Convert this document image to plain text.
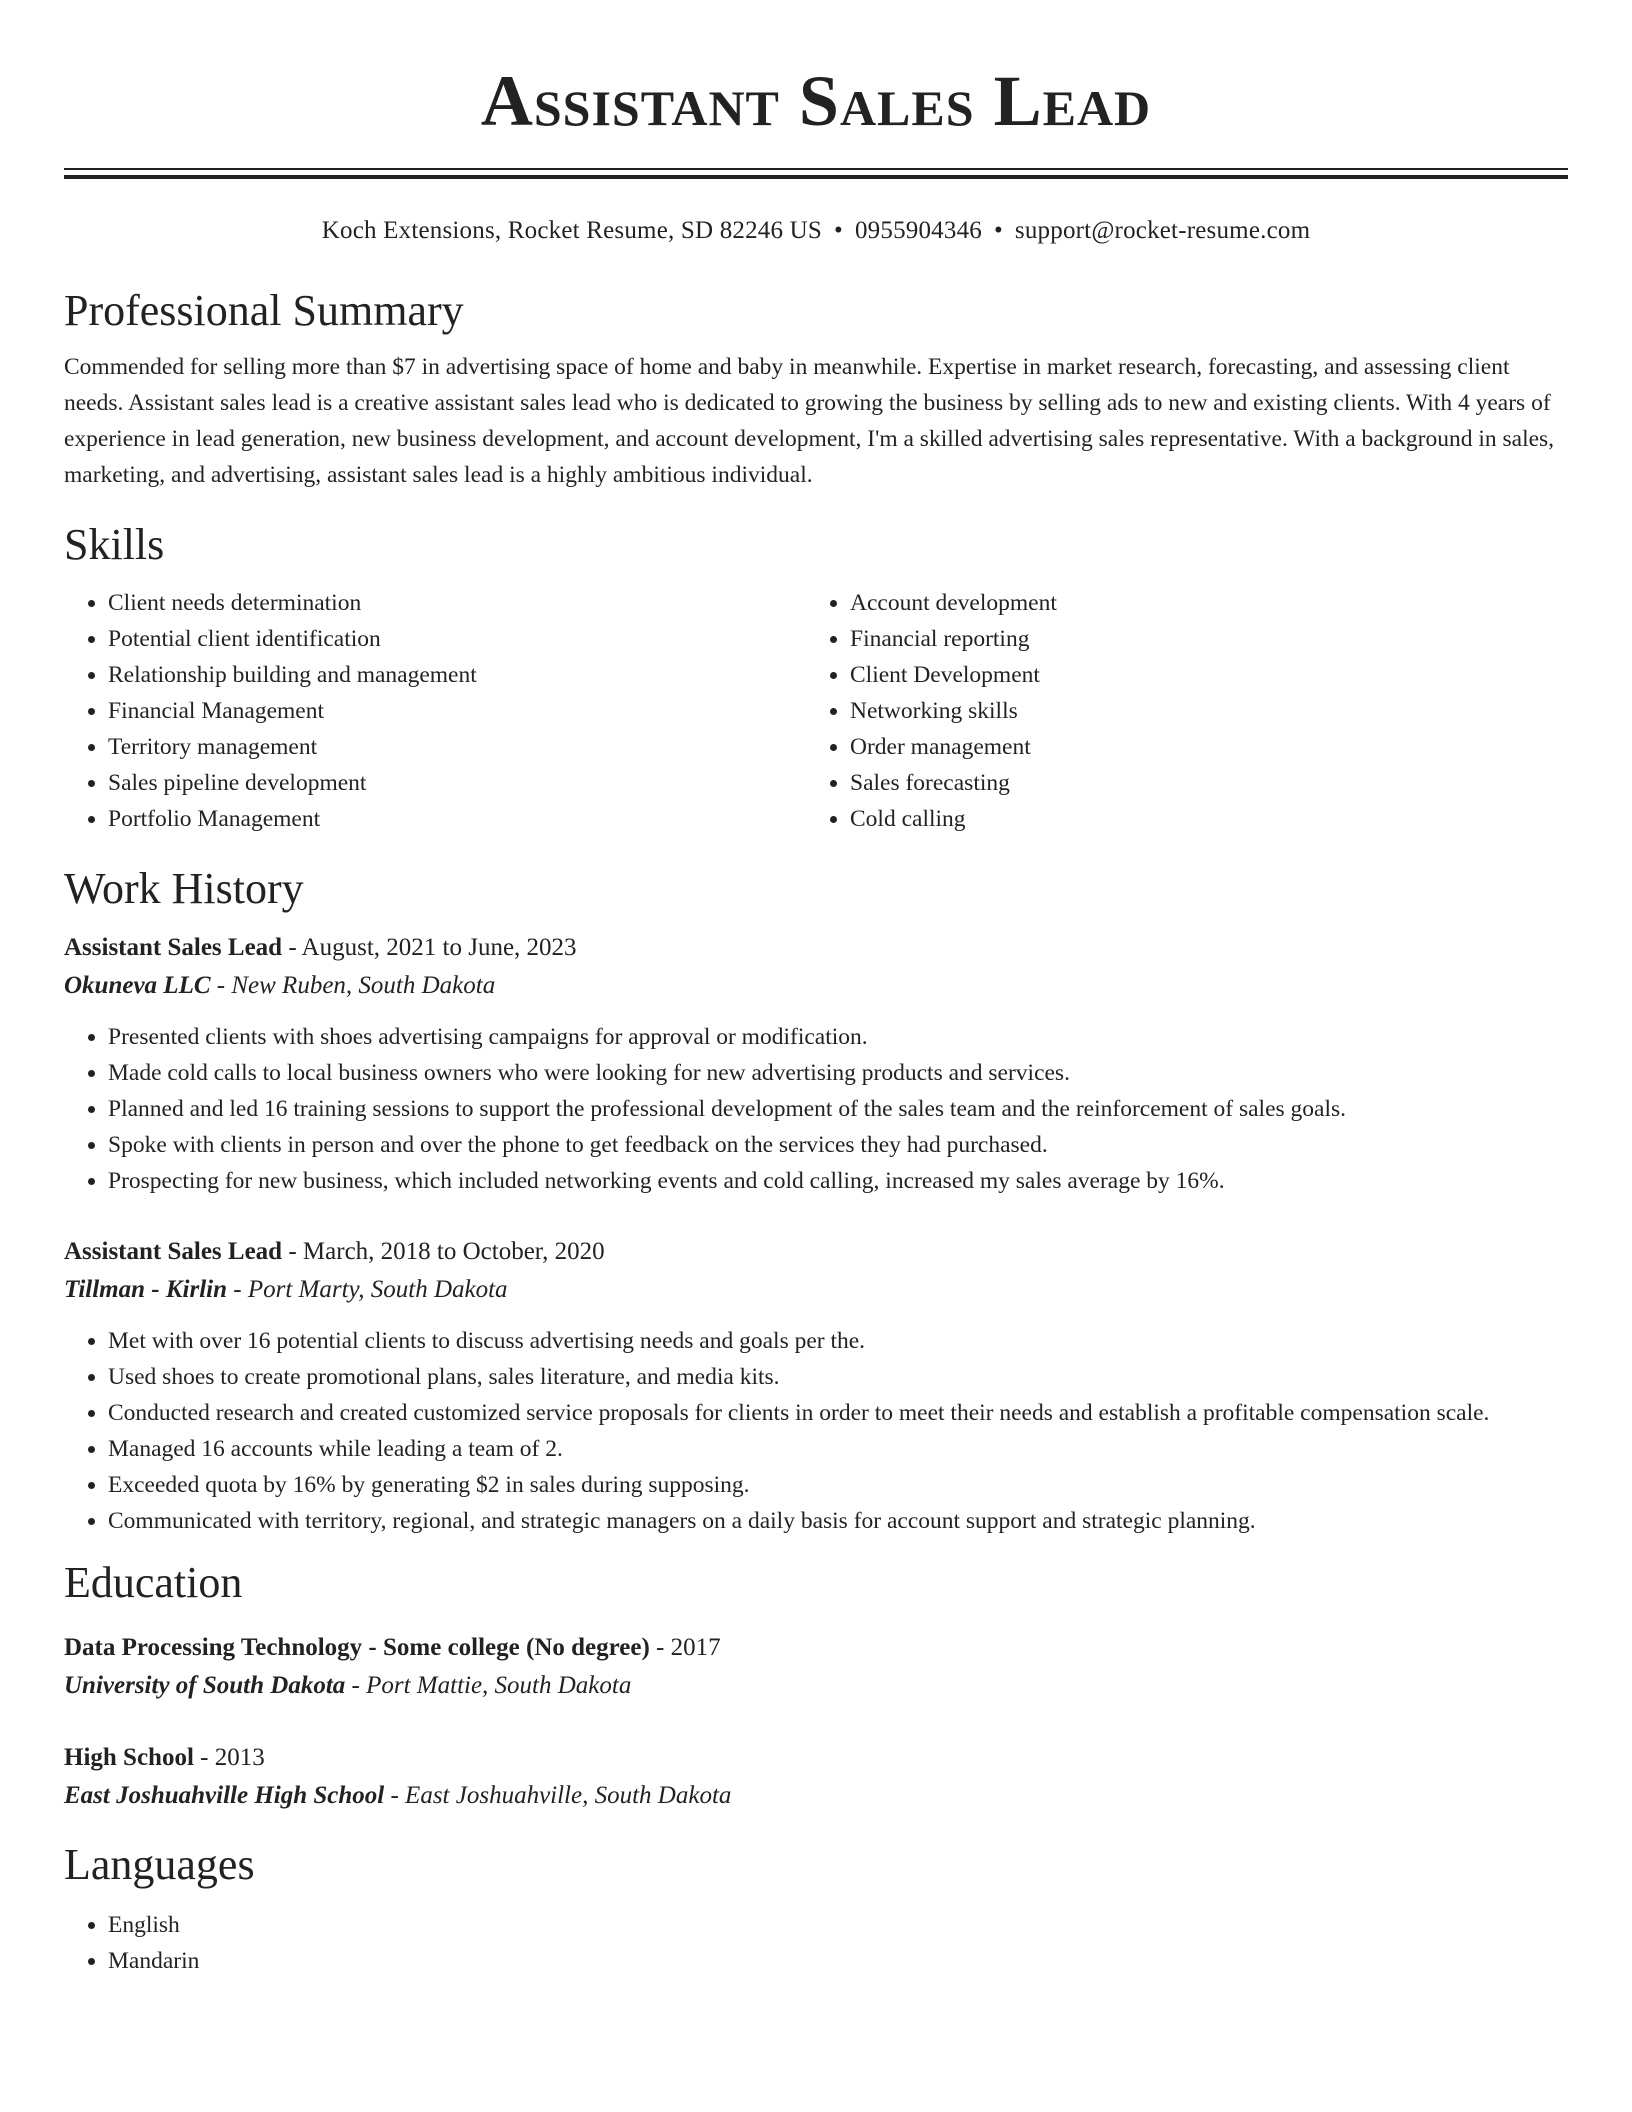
Assistant Sales Lead
Koch Extensions, Rocket Resume, SD 82246 US • 0955904346 • support@rocket-resume.com
Professional Summary

Commended for selling more than $7 in advertising space of home and baby in meanwhile. Expertise in market research, forecasting, and assessing client needs. Assistant sales lead is a creative assistant sales lead who is dedicated to growing the business by selling ads to new and existing clients. With 4 years of experience in lead generation, new business development, and account development, I'm a skilled advertising sales representative. With a background in sales, marketing, and advertising, assistant sales lead is a highly ambitious individual.

Skills
• Client needs determination
• Potential client identification
• Relationship building and management
• Financial Management
• Territory management
• Sales pipeline development
• Portfolio Management
• Account development
• Financial reporting
• Client Development
• Networking skills
• Order management
• Sales forecasting
• Cold calling
Work History
Assistant Sales Lead - August, 2021 to June, 2023
Okuneva LLC - New Ruben, South Dakota
• Presented clients with shoes advertising campaigns for approval or modification.
• Made cold calls to local business owners who were looking for new advertising products and services.
• Planned and led 16 training sessions to support the professional development of the sales team and the reinforcement of sales goals.
• Spoke with clients in person and over the phone to get feedback on the services they had purchased.
• Prospecting for new business, which included networking events and cold calling, increased my sales average by 16%.
Assistant Sales Lead - March, 2018 to October, 2020
Tillman - Kirlin - Port Marty, South Dakota
• Met with over 16 potential clients to discuss advertising needs and goals per the.
• Used shoes to create promotional plans, sales literature, and media kits.
• Conducted research and created customized service proposals for clients in order to meet their needs and establish a profitable compensation scale.
• Managed 16 accounts while leading a team of 2.
• Exceeded quota by 16% by generating $2 in sales during supposing.
• Communicated with territory, regional, and strategic managers on a daily basis for account support and strategic planning.
Education
Data Processing Technology - Some college (No degree) - 2017
University of South Dakota - Port Mattie, South Dakota
High School - 2013
East Joshuahville High School - East Joshuahville, South Dakota
Languages
• English
• Mandarin
